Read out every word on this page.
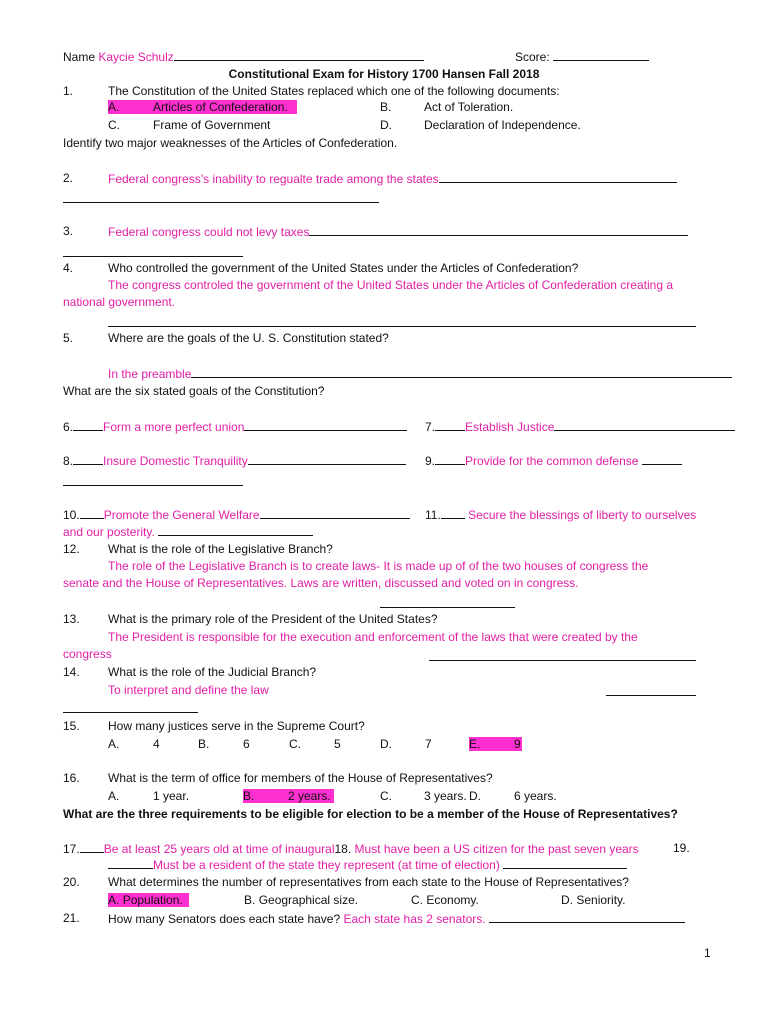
Name Kaycie Schulz	Score:
Constitutional Exam for History 1700 Hansen Fall 2018
1.	The Constitution of the United States replaced which one of the following documents:
A.	Articles of Confederation.	B.	Act of Toleration.
C.	Frame of Government	D.	Declaration of Independence.
Identify two major weaknesses of the Articles of Confederation.
2.	Federal congress’s inability to regualte trade among the states
3.	Federal congress could not levy taxes
4.	Who controlled the government of the United States under the Articles of Confederation?
The congress controled the government of the United States under the Articles of Confederation creating a
national government.
5.	Where are the goals of the U. S. Constitution stated?
In the preamble
What are the six stated goals of the Constitution?
6.	Form a more perfect union	7.	Establish Justice
8.	Insure Domestic Tranquility	9.	Provide for the common defense
10. Promote the General Welfare	11. Secure the blessings of liberty to ourselves
and our posterity.
12. What is the role of the Legislative Branch?
The role of the Legislative Branch is to create laws- It is made up of of the two houses of congress the
senate and the House of Representatives. Laws are written, discussed and voted on in congress.
13. What is the primary role of the President of the United States?
The President is responsible for the execution and enforcement of the laws that were created by the
congress
14. What is the role of the Judicial Branch?
To interpret and define the law
15. How many justices serve in the Supreme Court?
A.	4	B.	6	C.	5	D.	7	E.	9
16. What is the term of office for members of the House of Representatives?
A.	1 year.	B.	2 years.	C.	3 years. D.	6 years.
What are the three requirements to be eligible for election to be a member of the House of Representatives?
17. Be at least 25 years old at time of inaugural18. Must have been a US citizen for the past seven years	19.
Must be a resident of the state they represent (at time of election)
20. What determines the number of representatives from each state to the House of Representatives?
A. Population.	B. Geographical size.	C. Economy.	D. Seniority.
21. How many Senators does each state have? Each state has 2 senators.
1
